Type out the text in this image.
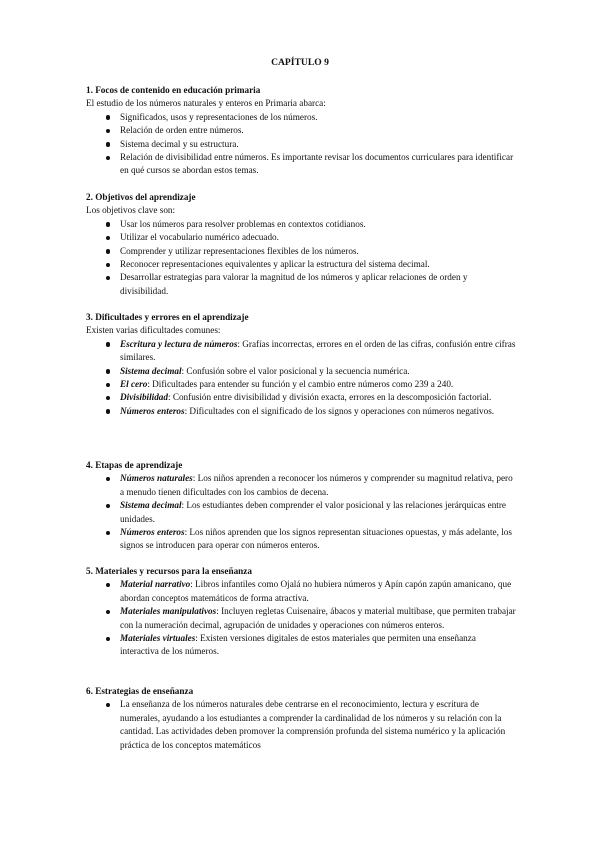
CAPÍTULO 9
1. Focos de contenido en educación primaria
El estudio de los números naturales y enteros en Primaria abarca:
Significados, usos y representaciones de los números.
Relación de orden entre números.
Sistema decimal y su estructura.
Relación de divisibilidad entre números. Es importante revisar los documentos curriculares para identificar en qué cursos se abordan estos temas.
2. Objetivos del aprendizaje
Los objetivos clave son:
Usar los números para resolver problemas en contextos cotidianos.
Utilizar el vocabulario numérico adecuado.
Comprender y utilizar representaciones flexibles de los números.
Reconocer representaciones equivalentes y aplicar la estructura del sistema decimal.
Desarrollar estrategias para valorar la magnitud de los números y aplicar relaciones de orden y divisibilidad.
3. Dificultades y errores en el aprendizaje
Existen varias dificultades comunes:
Escritura y lectura de números: Grafías incorrectas, errores en el orden de las cifras, confusión entre cifras similares.
Sistema decimal: Confusión sobre el valor posicional y la secuencia numérica.
El cero: Dificultades para entender su función y el cambio entre números como 239 a 240.
Divisibilidad: Confusión entre divisibilidad y división exacta, errores en la descomposición factorial.
Números enteros: Dificultades con el significado de los signos y operaciones con números negativos.
4. Etapas de aprendizaje
Números naturales: Los niños aprenden a reconocer los números y comprender su magnitud relativa, pero a menudo tienen dificultades con los cambios de decena.
Sistema decimal: Los estudiantes deben comprender el valor posicional y las relaciones jerárquicas entre unidades.
Números enteros: Los niños aprenden que los signos representan situaciones opuestas, y más adelante, los signos se introducen para operar con números enteros.
5. Materiales y recursos para la enseñanza
Material narrativo: Libros infantiles como Ojalá no hubiera números y Apín capón zapún amanicano, que abordan conceptos matemáticos de forma atractiva.
Materiales manipulativos: Incluyen regletas Cuisenaire, ábacos y material multibase, que permiten trabajar con la numeración decimal, agrupación de unidades y operaciones con números enteros.
Materiales virtuales: Existen versiones digitales de estos materiales que permiten una enseñanza interactiva de los números.
6. Estrategias de enseñanza
La enseñanza de los números naturales debe centrarse en el reconocimiento, lectura y escritura de numerales, ayudando a los estudiantes a comprender la cardinalidad de los números y su relación con la cantidad. Las actividades deben promover la comprensión profunda del sistema numérico y la aplicación práctica de los conceptos matemáticos
